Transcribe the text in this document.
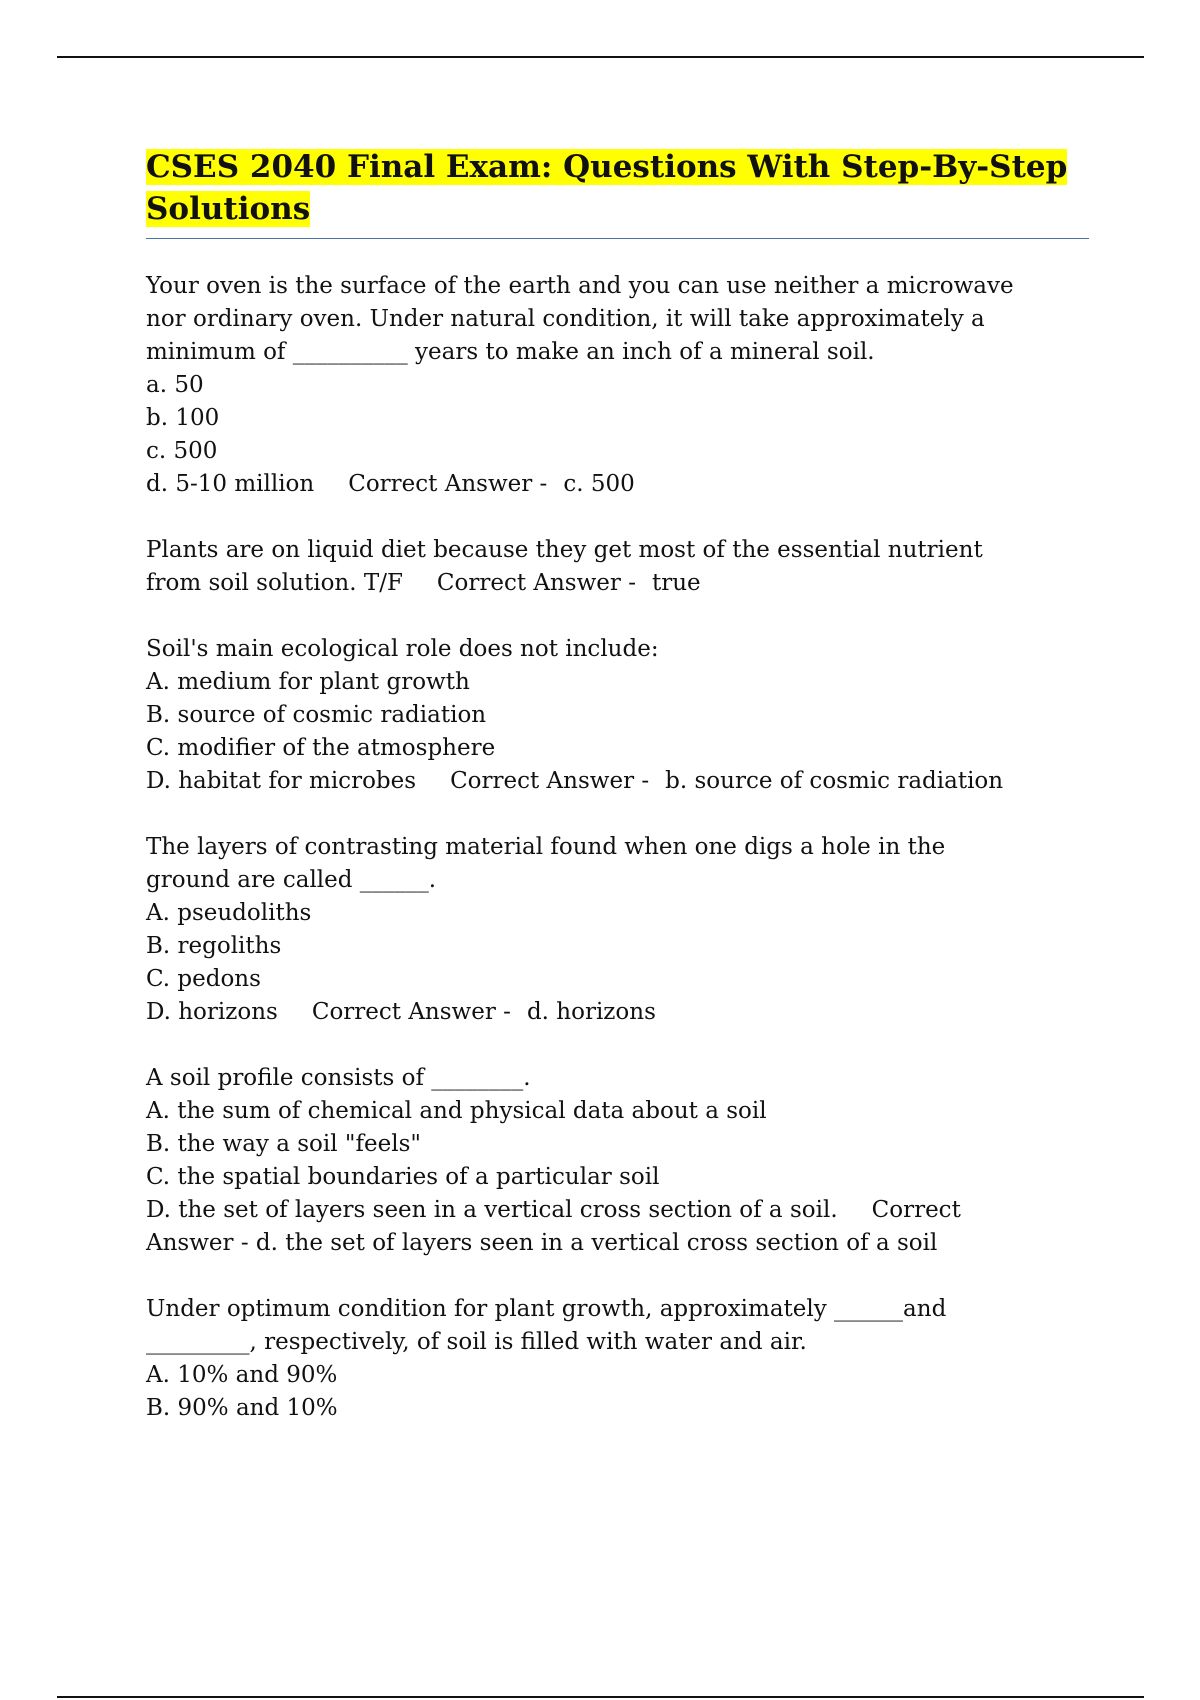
CSES 2040 Final Exam: Questions With Step-By-Step Solutions
Your oven is the surface of the earth and you can use neither a microwave nor ordinary oven. Under natural condition, it will take approximately a minimum of __________ years to make an inch of a mineral soil.
a. 50
b. 100
c. 500
d. 5-10 million Correct Answer - c. 500
Plants are on liquid diet because they get most of the essential nutrient from soil solution. T/F Correct Answer - true
Soil's main ecological role does not include:
A. medium for plant growth
B. source of cosmic radiation
C. modifier of the atmosphere
D. habitat for microbes Correct Answer - b. source of cosmic radiation
The layers of contrasting material found when one digs a hole in the ground are called ______.
A. pseudoliths
B. regoliths
C. pedons
D. horizons Correct Answer - d. horizons
A soil profile consists of ________.
A. the sum of chemical and physical data about a soil
B. the way a soil "feels"
C. the spatial boundaries of a particular soil
D. the set of layers seen in a vertical cross section of a soil. Correct Answer - d. the set of layers seen in a vertical cross section of a soil
Under optimum condition for plant growth, approximately ______and _________, respectively, of soil is filled with water and air.
A. 10% and 90%
B. 90% and 10%
